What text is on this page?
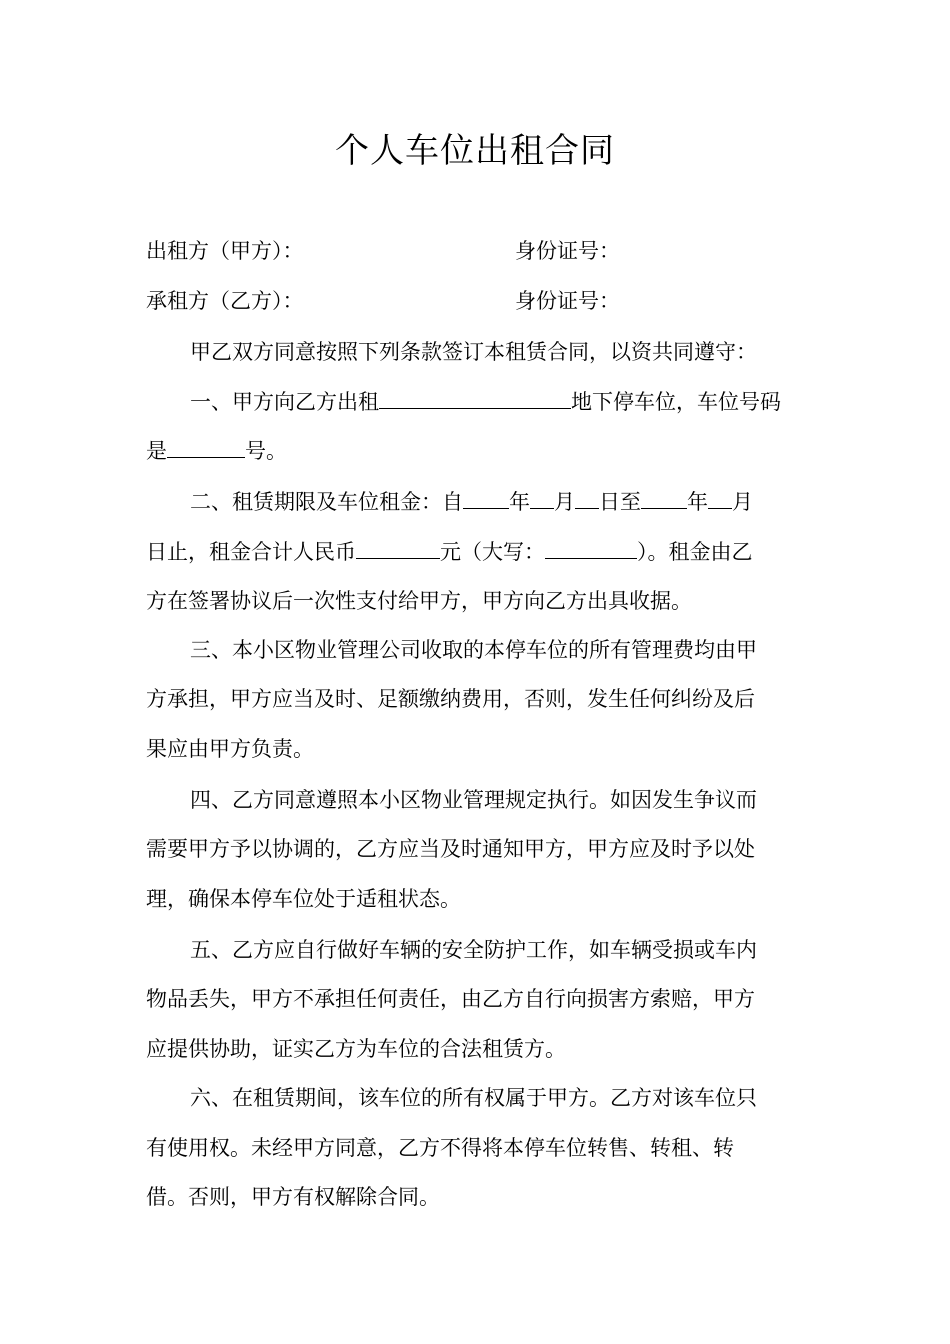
个人车位出租合同
出租方（甲方）：	身份证号：
承租方（乙方）：	身份证号：
甲乙双方同意按照下列条款签订本租赁合同，以资共同遵守：
一、甲方向乙方出租	地下停车位，车位号码
是	号。
二、租赁期限及车位租金：自 年 月 日至 年 月
日止，租金合计人民币	元（大写：	）。租金由乙
方在签署协议后一次性支付给甲方，甲方向乙方出具收据。
三、本小区物业管理公司收取的本停车位的所有管理费均由甲
方承担，甲方应当及时、足额缴纳费用，否则，发生任何纠纷及后
果应由甲方负责。
四、乙方同意遵照本小区物业管理规定执行。如因发生争议而
需要甲方予以协调的，乙方应当及时通知甲方，甲方应及时予以处
理，确保本停车位处于适租状态。
五、乙方应自行做好车辆的安全防护工作，如车辆受损或车内
物品丢失，甲方不承担任何责任，由乙方自行向损害方索赔，甲方
应提供协助，证实乙方为车位的合法租赁方。
六、在租赁期间，该车位的所有权属于甲方。乙方对该车位只
有使用权。未经甲方同意，乙方不得将本停车位转售、转租、转
借。否则，甲方有权解除合同。
